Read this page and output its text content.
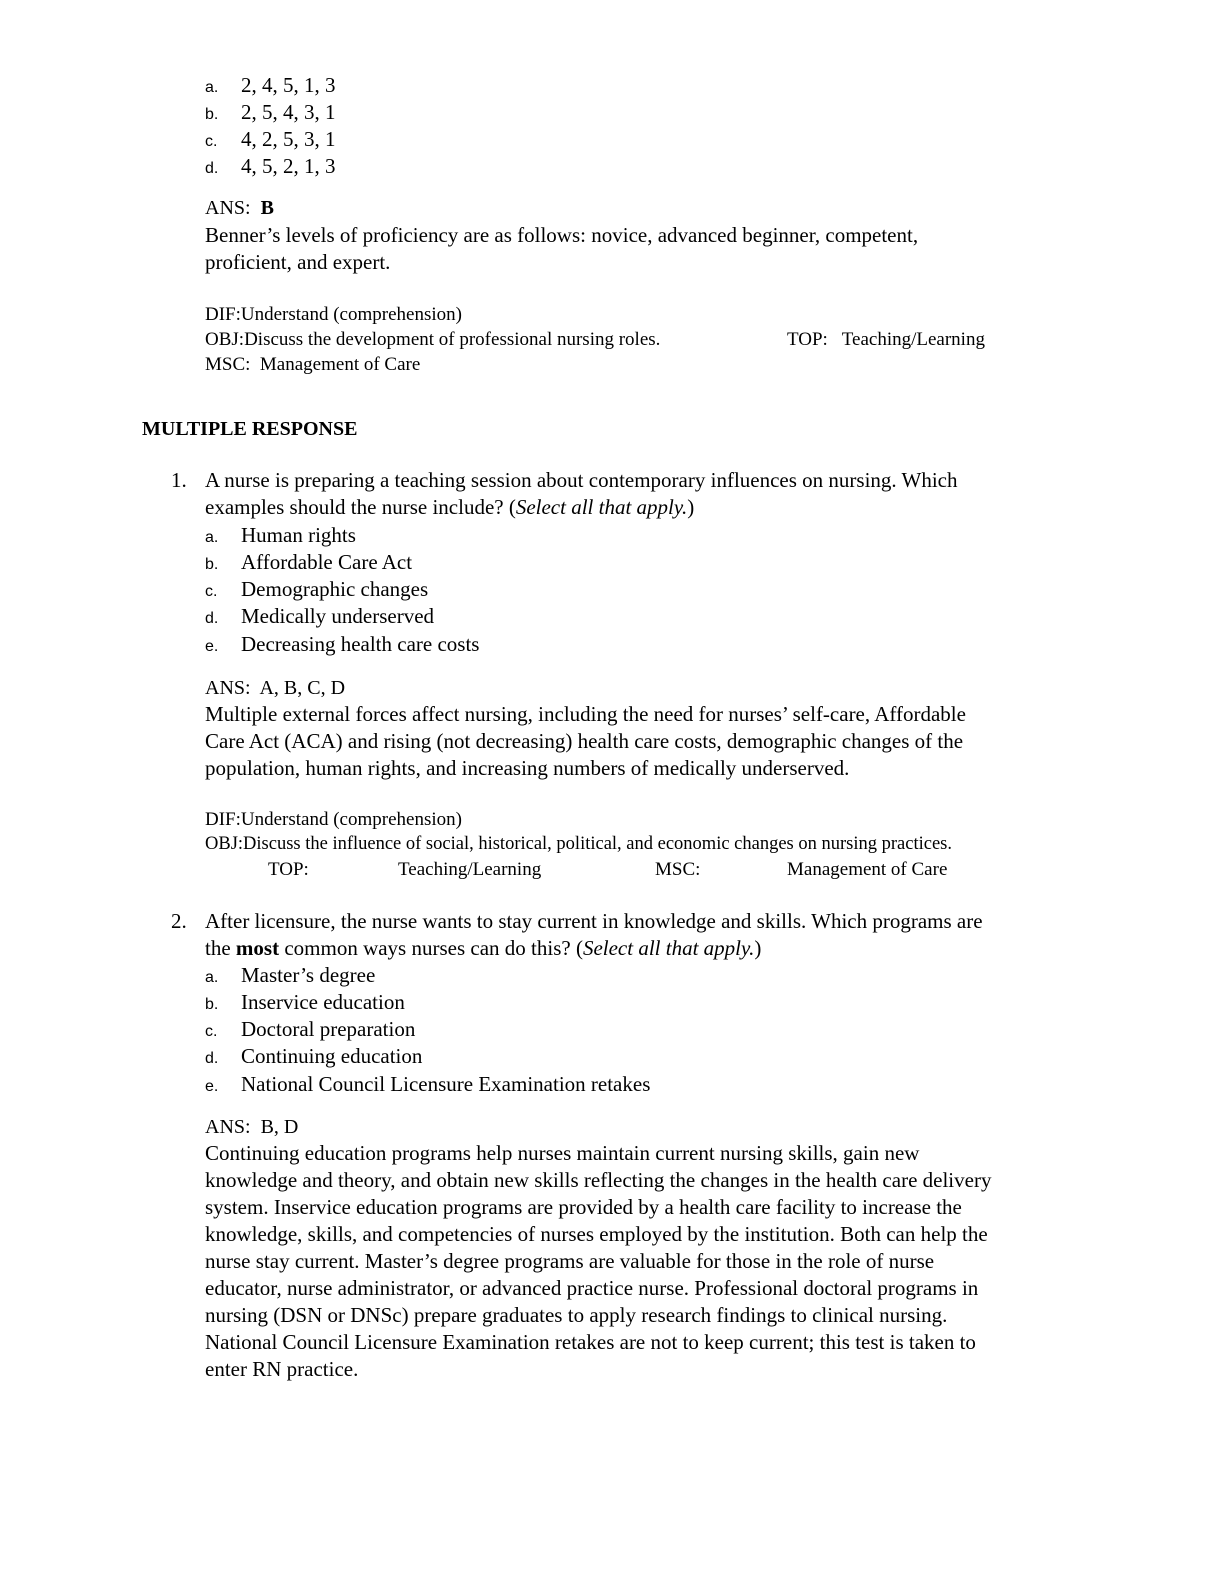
a. 2, 4, 5, 1, 3
b. 2, 5, 4, 3, 1
c. 4, 2, 5, 3, 1
d. 4, 5, 2, 1, 3
ANS: B
Benner’s levels of proficiency are as follows: novice, advanced beginner, competent,
proficient, and expert.
DIF:Understand (comprehension)
OBJ:Discuss the development of professional nursing roles.	TOP:   Teaching/Learning
MSC:  Management of Care
MULTIPLE RESPONSE
1. A nurse is preparing a teaching session about contemporary influences on nursing. Which
examples should the nurse include? (Select all that apply.)
a. Human rights
b. Affordable Care Act
c. Demographic changes
d. Medically underserved
e. Decreasing health care costs
ANS: A, B, C, D
Multiple external forces affect nursing, including the need for nurses’ self-care, Affordable
Care Act (ACA) and rising (not decreasing) health care costs, demographic changes of the
population, human rights, and increasing numbers of medically underserved.
DIF:Understand (comprehension)
OBJ:Discuss the influence of social, historical, political, and economic changes on nursing practices.
TOP:	Teaching/Learning	MSC:	Management of Care
2. After licensure, the nurse wants to stay current in knowledge and skills. Which programs are
the most common ways nurses can do this? (Select all that apply.)
a. Master’s degree
b. Inservice education
c. Doctoral preparation
d. Continuing education
e. National Council Licensure Examination retakes
ANS: B, D
Continuing education programs help nurses maintain current nursing skills, gain new
knowledge and theory, and obtain new skills reflecting the changes in the health care delivery
system. Inservice education programs are provided by a health care facility to increase the
knowledge, skills, and competencies of nurses employed by the institution. Both can help the
nurse stay current. Master’s degree programs are valuable for those in the role of nurse
educator, nurse administrator, or advanced practice nurse. Professional doctoral programs in
nursing (DSN or DNSc) prepare graduates to apply research findings to clinical nursing.
National Council Licensure Examination retakes are not to keep current; this test is taken to
enter RN practice.
